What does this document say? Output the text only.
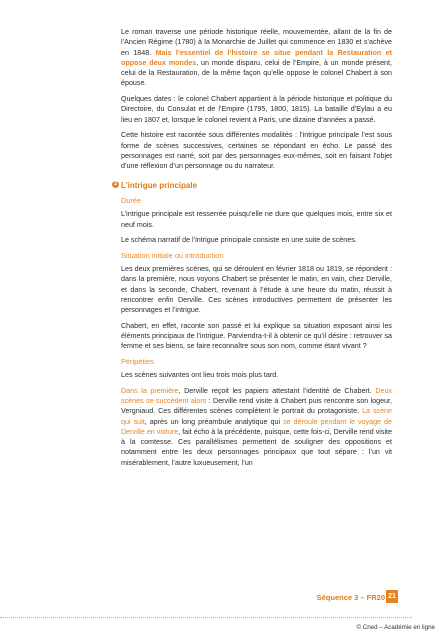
Le roman traverse une période historique réelle, mouvementée, allant de la fin de l’Ancien Régime (1780) à la Monarchie de Juillet qui commence en 1830 et s’achève en 1848. Mais l’essentiel de l’histoire se situe pendant la Restauration et oppose deux mondes, un monde disparu, celui de l’Empire, à un monde présent, celui de la Restauration, de la même façon qu’elle oppose le colonel Chabert à son épouse.

Quelques dates : le colonel Chabert appartient à la période historique et politique du Directoire, du Consulat et de l’Empire (1795, 1800, 1815). La bataille d’Eylau a eu lieu en 1807 et, lorsque le colonel revient à Paris, une dizaine d’années a passé.

Cette histoire est racontée sous différentes modalités : l’intrigue principale l’est sous forme de scènes successives, certaines se répondant en écho. Le passé des personnages est narré, soit par des personnages eux-mêmes, soit en faisant l’objet d’une réflexion d’un personnage ou du narrateur.

2 L’intrigue principale
Durée

L’intrigue principale est resserrée puisqu’elle ne dure que quelques mois, entre six et neuf mois.

Le schéma narratif de l’intrigue principale consiste en une suite de scènes.

Situation initiale ou introduction

Les deux premières scènes, qui se déroulent en février 1818 ou 1819, se répondent : dans la première, nous voyons Chabert se présenter le matin, en vain, chez Derville, et dans la seconde, Chabert, revenant à l’étude à une heure du matin, réussit à rencontrer enfin Derville. Ces scènes introductives permettent de présenter les personnages et l’intrigue.

Chabert, en effet, raconte son passé et lui explique sa situation exposant ainsi les éléments principaux de l’intrigue. Parviendra-t-il à obtenir ce qu’il désire : retrouver sa femme et ses biens, se faire reconnaître sous son nom, comme étant vivant ?

Péripéties

Les scènes suivantes ont lieu trois mois plus tard.

Dans la première, Derville reçoit les papiers attestant l’identité de Chabert. Deux scènes se succèdent alors : Derville rend visite à Chabert puis rencontre son logeur, Vergniaud. Ces différentes scènes complètent le portrait du protagoniste. La scène qui suit, après un long préambule analytique qui se déroule pendant le voyage de Derville en voiture, fait écho à la précédente, puisque, cette fois-ci, Derville rend visite à la comtesse. Ces parallélismes permettent de souligner des oppositions et notamment entre les deux personnages principaux que tout sépare : l’un vit misérablement, l’autre luxueusement, l’un

Séquence 3 – FR20 21
© Cned – Académie en ligne
